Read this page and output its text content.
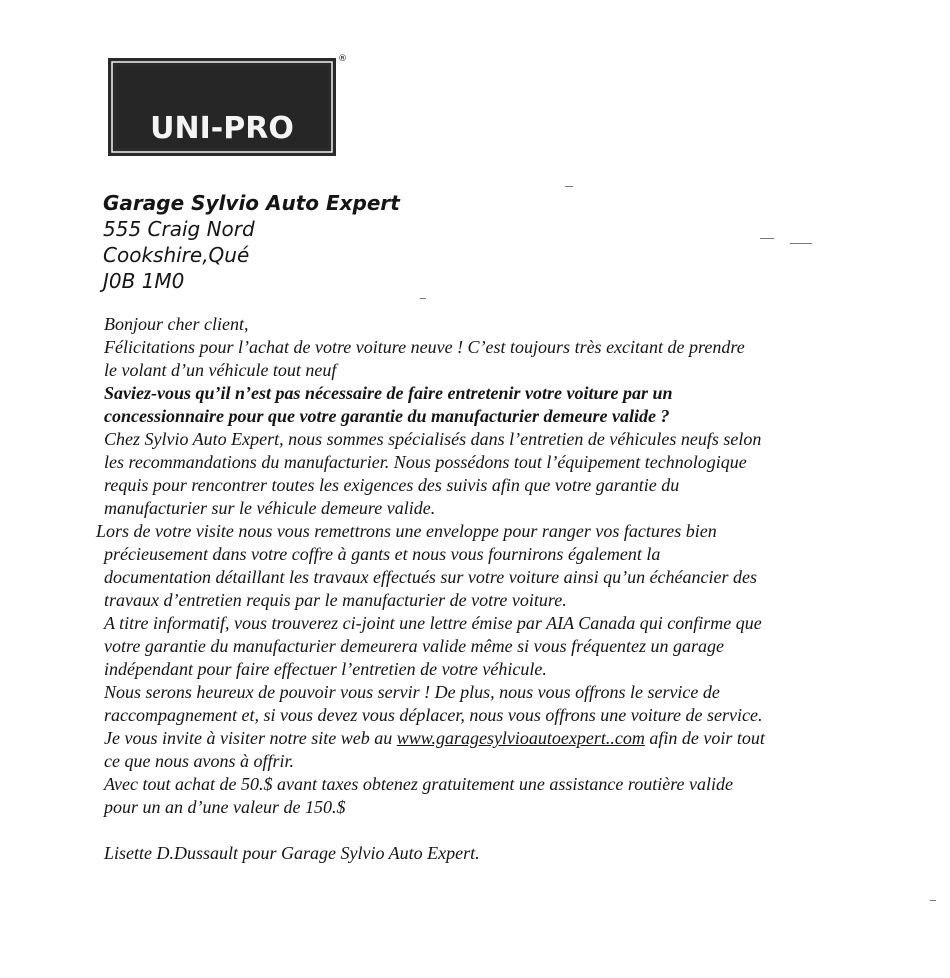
UNI-PRO
®
Garage Sylvio Auto Expert
555 Craig Nord
Cookshire,Qué
J0B 1M0

Bonjour cher client,

Félicitations pour l’achat de votre voiture neuve ! C’est toujours très excitant de prendre

le volant d’un véhicule tout neuf

Saviez-vous qu’il n’est pas nécessaire de faire entretenir votre voiture par un

concessionnaire pour que votre garantie du manufacturier demeure valide ?

Chez Sylvio Auto Expert, nous sommes spécialisés dans l’entretien de véhicules neufs selon

les recommandations du manufacturier. Nous possédons tout l’équipement technologique

requis pour rencontrer toutes les exigences des suivis afin que votre garantie du

manufacturier sur le véhicule demeure valide.

Lors de votre visite nous vous remettrons une enveloppe pour ranger vos factures bien

précieusement dans votre coffre à gants et nous vous fournirons également la

documentation détaillant les travaux effectués sur votre voiture ainsi qu’un échéancier des

travaux d’entretien requis par le manufacturier de votre voiture.

A titre informatif, vous trouverez ci-joint une lettre émise par AIA Canada qui confirme que

votre garantie du manufacturier demeurera valide même si vous fréquentez un garage

indépendant pour faire effectuer l’entretien de votre véhicule.

Nous serons heureux de pouvoir vous servir ! De plus, nous vous offrons le service de

raccompagnement et, si vous devez vous déplacer, nous vous offrons une voiture de service.

Je vous invite à visiter notre site web au www.garagesylvioautoexpert..com afin de voir tout

ce que nous avons à offrir.

Avec tout achat de 50.$ avant taxes obtenez gratuitement une assistance routière valide

pour un an d’une valeur de 150.$

Lisette D.Dussault pour Garage Sylvio Auto Expert.
